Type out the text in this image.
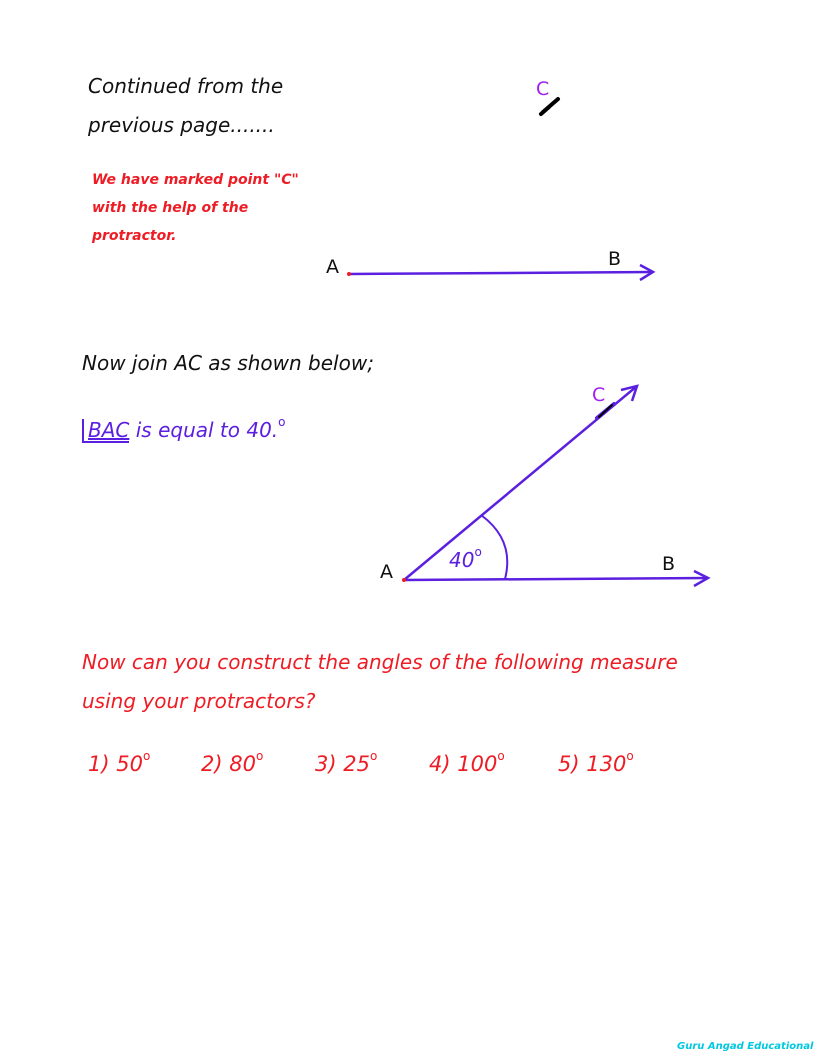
Continued from the
previous page.......
We have marked point "C"
with the help of the
protractor.
A	B
C
Now join AC as shown below;
BAC is equal to 40.$^o$
A	B
C
40$^o$
Now can you construct the angles of the following measure
using your protractors?
1) 50$^o$ 2) 80$^o$ 3) 25$^o$ 4) 100$^o$	5) 130$^o$
Guru Angad Educational
